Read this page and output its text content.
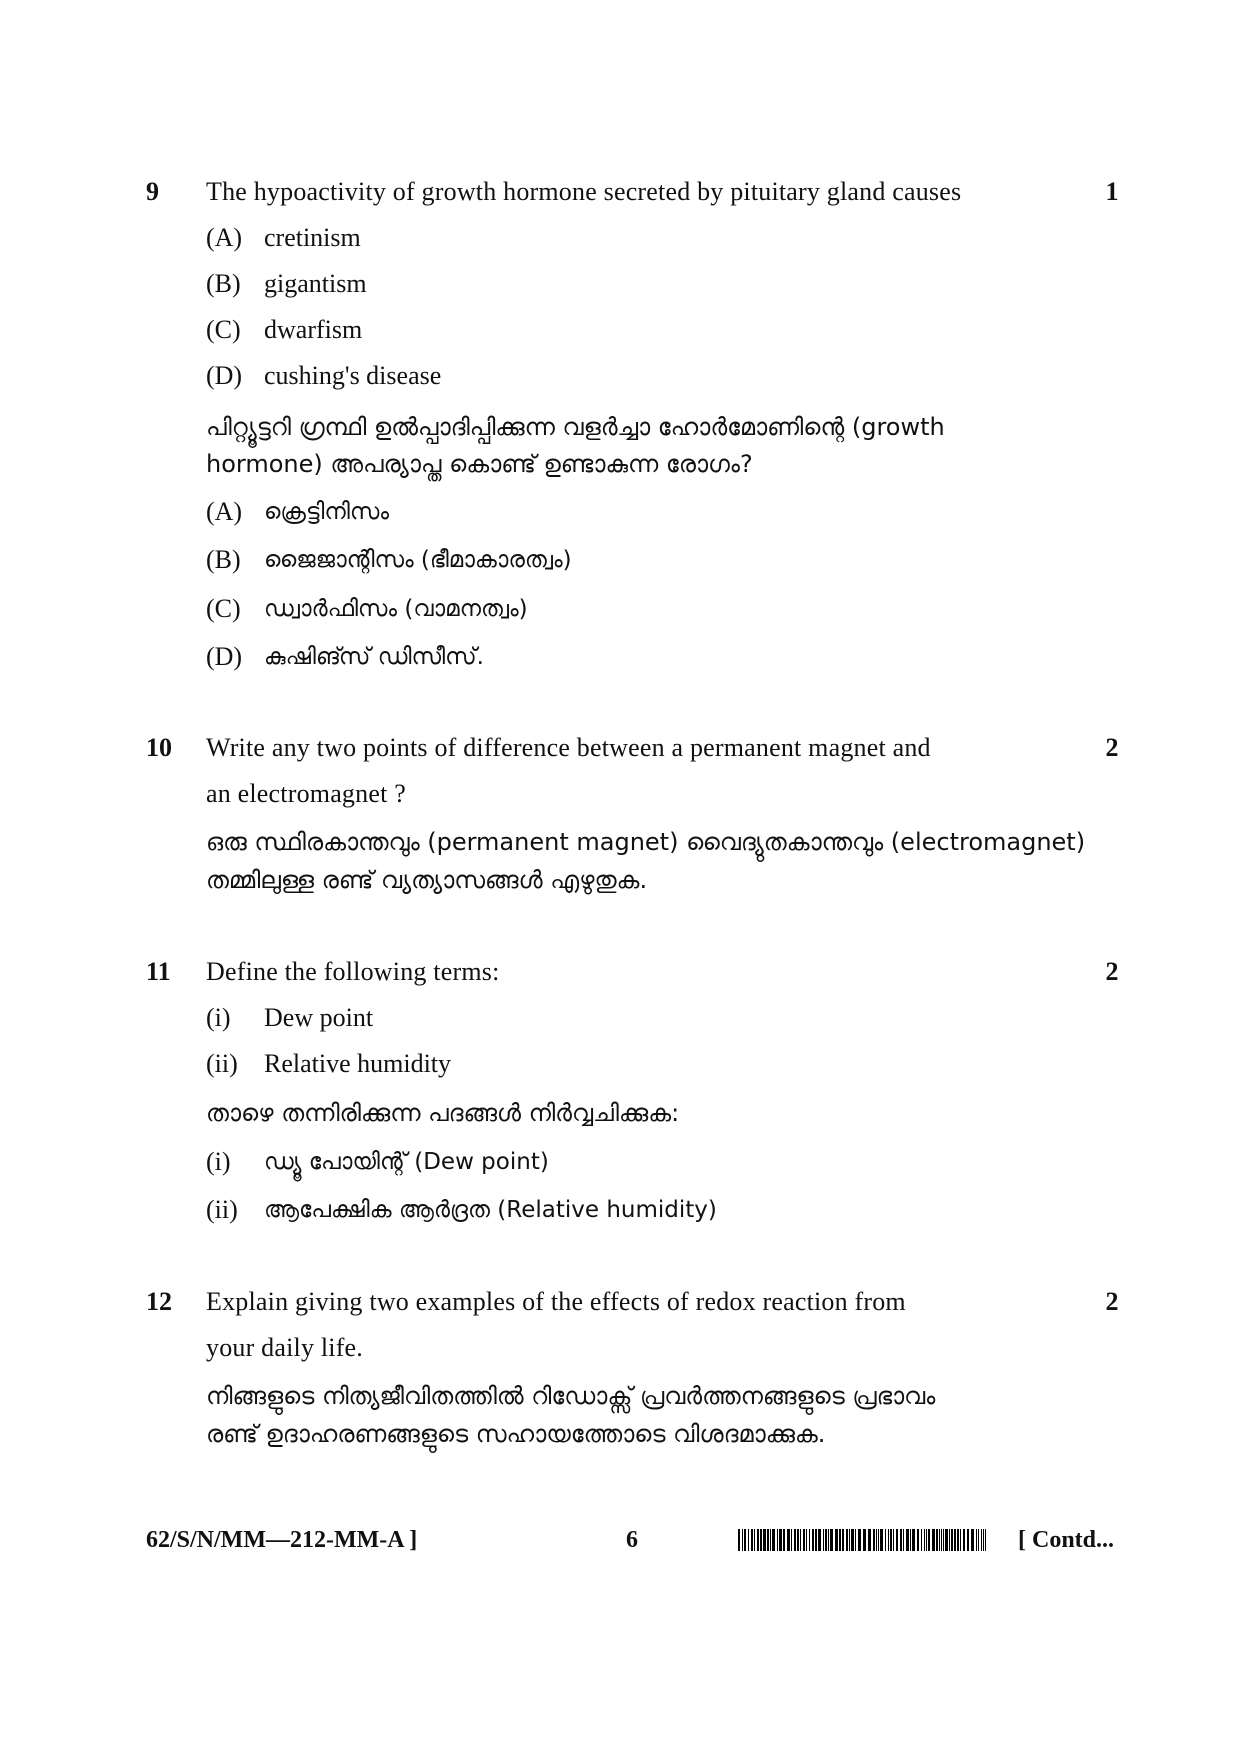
9 The hypoactivity of growth hormone secreted by pituitary gland causes	1
(A) cretinism
(B) gigantism
(C) dwarfism
(D) cushing's disease
പിറ്റ്യൂട്ടറി ഗ്രന്ഥി ഉൽപ്പാദിപ്പിക്കുന്ന വളർച്ചാ ഹോർമോണിന്റെ (growth
hormone) അപര്യാപ്ത കൊണ്ട് ഉണ്ടാകുന്ന രോഗം?
(A) ക്രെട്ടിനിസം
(B) ജൈജാന്റിസം (ഭീമാകാരത്വം)
(C) ഡ്വാർഫിസം (വാമനത്വം)
(D) കുഷിങ്സ് ഡിസീസ്.
10 Write any two points of difference between a permanent magnet and	2
an electromagnet ?
ഒരു സ്ഥിരകാന്തവും (permanent magnet) വൈദ്യുതകാന്തവും (electromagnet)
തമ്മിലുള്ള രണ്ട് വ്യത്യാസങ്ങൾ എഴുതുക.
11 Define the following terms:	2
(i) Dew point
(ii) Relative humidity
താഴെ തന്നിരിക്കുന്ന പദങ്ങൾ നിർവ്വചിക്കുക:
(i) ഡ്യൂ പോയിന്റ് (Dew point)
(ii) ആപേക്ഷിക ആർദ്രത (Relative humidity)
12 Explain giving two examples of the effects of redox reaction from	2
your daily life.
നിങ്ങളുടെ നിത്യജീവിതത്തിൽ റിഡോക്സ് പ്രവർത്തനങ്ങളുടെ പ്രഭാവം
രണ്ട് ഉദാഹരണങ്ങളുടെ സഹായത്തോടെ വിശദമാക്കുക.
62/S/N/MM—212-MM-A ]	6	[ Contd...
